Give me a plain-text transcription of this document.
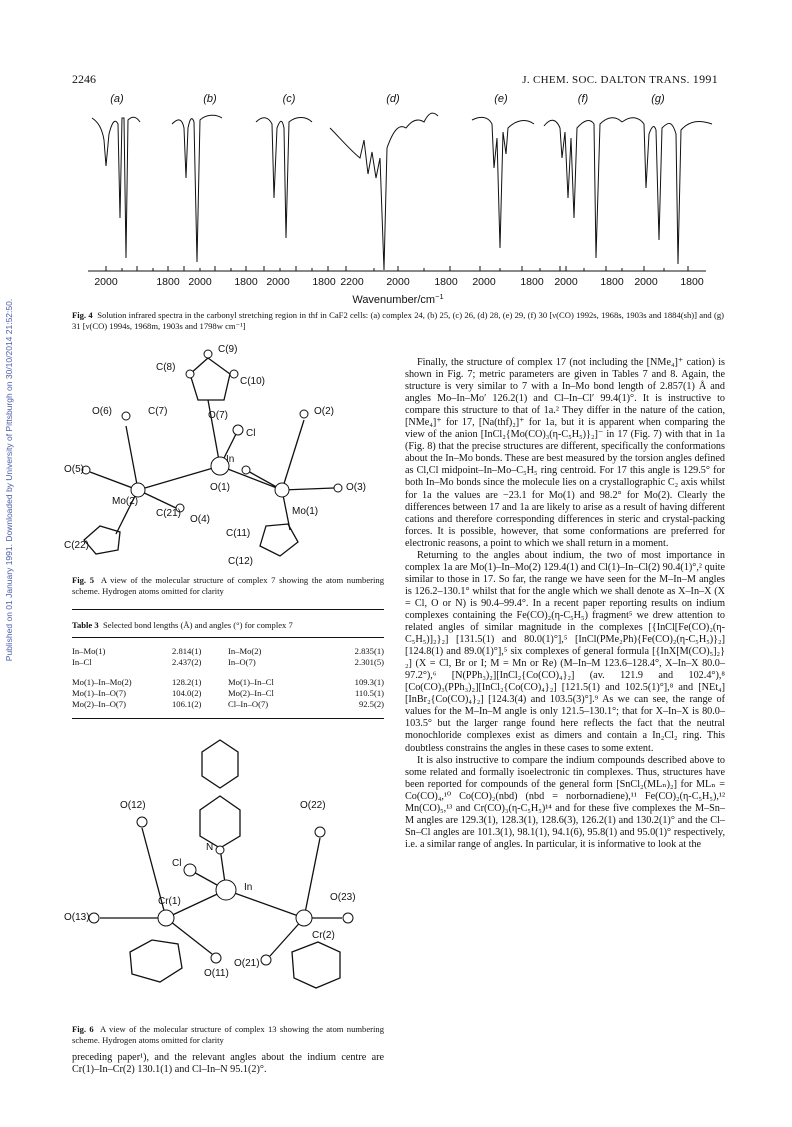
Published on 01 January 1991. Downloaded by University of Pittsburgh on 30/10/2014 21:52:50.
2246	J. CHEM. SOC. DALTON TRANS. 1991
(a)	(b)	(c)	(d)	(e)	(f)	(g)
2000	1800 2000 1800 2000 1800 2200 2000 1800 2000 1800 2000 1800 2000 1800
Wavenumber/$cm^{-1}$
Fig. 4 Solution infrared spectra in the carbonyl stretching region in thf in CaF2 cells: (a) complex 24, (b) 25, (c) 26, (d) 28, (e) 29, (f) 30 [ν(CO) 1992s, 1968s, 1903s and 1884(sh)] and (g) 31 [ν(CO) 1994s, 1968m, 1903s and 1798w cm⁻¹]
C(9)
C(8)
C(10)
O(6)	C(7)	O(7)	O(2)
Cl
O(5)
In
O(1)	O(3)
Mo(2)
C(21)
O(4)
Mo(1)
C(22)
C(11)
C(12)
Fig. 5 A view of the molecular structure of complex 7 showing the atom numbering scheme. Hydrogen atoms omitted for clarity
Table 3 Selected bond lengths (Å) and angles (°) for complex 7
In–Mo(1)	2.814(1)	In–Mo(2)	2.835(1)
In–Cl	2.437(2)	In–O(7)	2.301(5)
Mo(1)–In–Mo(2)	128.2(1)	Mo(1)–In–Cl	109.3(1)
Mo(1)–In–O(7)	104.0(2)	Mo(2)–In–Cl	110.5(1)
Mo(2)–In–O(7)	106.1(2)	Cl–In–O(7)	92.5(2)
O(12)
N
O(22)
Cl
In
O(13)
Cr(1)	O(23)
Cr(2)
O(11)
O(21)
Fig. 6 A view of the molecular structure of complex 13 showing the atom numbering scheme. Hydrogen atoms omitted for clarity

preceding paper¹), and the relevant angles about the indium centre are Cr(1)–In–Cr(2) 130.1(1) and Cl–In–N 95.1(2)°.

Finally, the structure of complex 17 (not including the [NMe₄]⁺ cation) is shown in Fig. 7; metric parameters are given in Tables 7 and 8. Again, the structure is very similar to 7 with a In–Mo bond length of 2.857(1) Å and angles Mo–In–Mo′ 126.2(1) and Cl–In–Cl′ 99.4(1)°. It is instructive to compare this structure to that of 1a.² They differ in the nature of the cation, [NMe₄]⁺ for 17, [Na(thf)₂]⁺ for 1a, but it is apparent when comparing the view of the anion [InCl₂{Mo(CO)₃(η-C₅H₅)}₂]⁻ in 17 (Fig. 7) with that in 1a (Fig. 8) that the precise structures are different, specifically the conformations about the In–Mo bonds. These are best measured by the torsion angles defined as Cl,Cl midpoint–In–Mo–C₅H₅ ring centroid. For 17 this angle is 129.5° for both In–Mo bonds since the molecule lies on a crystallographic C₂ axis whilst for 1a the values are −23.1 for Mo(1) and 98.2° for Mo(2). Clearly the differences between 17 and 1a are likely to arise as a result of having different cations and therefore corresponding differences in steric and crystal-packing forces. It is possible, however, that some conformations are preferred for electronic reasons, a point to which we shall return in a moment.

Returning to the angles about indium, the two of most importance in complex 1a are Mo(1)–In–Mo(2) 129.4(1) and Cl(1)–In–Cl(2) 90.4(1)°,² quite similar to those in 17. So far, the range we have seen for the M–In–M angles is 126.2–130.1° whilst that for the angle which we shall denote as X–In–X (X = Cl, O or N) is 90.4–99.4°. In a recent paper reporting results on indium complexes containing the Fe(CO)₂(η-C₅H₅) fragment⁵ we drew attention to related angles of similar magnitude in the complexes [{InCl[Fe(CO)₂(η-C₅H₅)]₂}₂] [131.5(1) and 80.0(1)°],⁵ [InCl(PMe₂Ph){Fe(CO)₂(η-C₅H₅)}₂] [124.8(1) and 89.0(1)°],⁵ six complexes of general formula [{InX[M(CO)₅]₂}₂] (X = Cl, Br or I; M = Mn or Re) (M–In–M 123.6–128.4°, X–In–X 80.0–97.2°),⁶ [N(PPh₃)₂][InCl₂{Co(CO)₄}₂] (av. 121.9 and 102.4°),⁸ [Co(CO)₃(PPh₃)₂][InCl₂{Co(CO)₄}₂] [121.5(1) and 102.5(1)°],⁸ and [NEt₄][InBr₂{Co(CO)₄}₂] [124.3(4) and 103.5(3)°].⁹ As we can see, the range of values for the M–In–M angle is only 121.5–130.1°; that for X–In–X is 80.0–103.5° but the larger range found here reflects the fact that the neutral monochloride complexes exist as dimers and contain a In₂Cl₂ ring. This doubtless constrains the angles in these cases to some extent.

It is also instructive to compare the indium compounds described above to some related and formally isoelectronic tin complexes. Thus, structures have been reported for compounds of the general form [SnCl₂(MLₙ)₂] for MLₙ = Co(CO)₄,¹⁰ Co(CO)₂(nbd) (nbd = norbornadiene),¹¹ Fe(CO)₂(η-C₅H₅),¹² Mn(CO)₅,¹³ and Cr(CO)₃(η-C₅H₅)¹⁴ and for these five complexes the M–Sn–M angles are 129.3(1), 128.3(1), 128.6(3), 126.2(1) and 130.2(1)° and the Cl–Sn–Cl angles are 101.3(1), 98.1(1), 94.1(6), 95.8(1) and 95.0(1)° respectively, i.e. a similar range of angles. In particular, it is informative to look at the
